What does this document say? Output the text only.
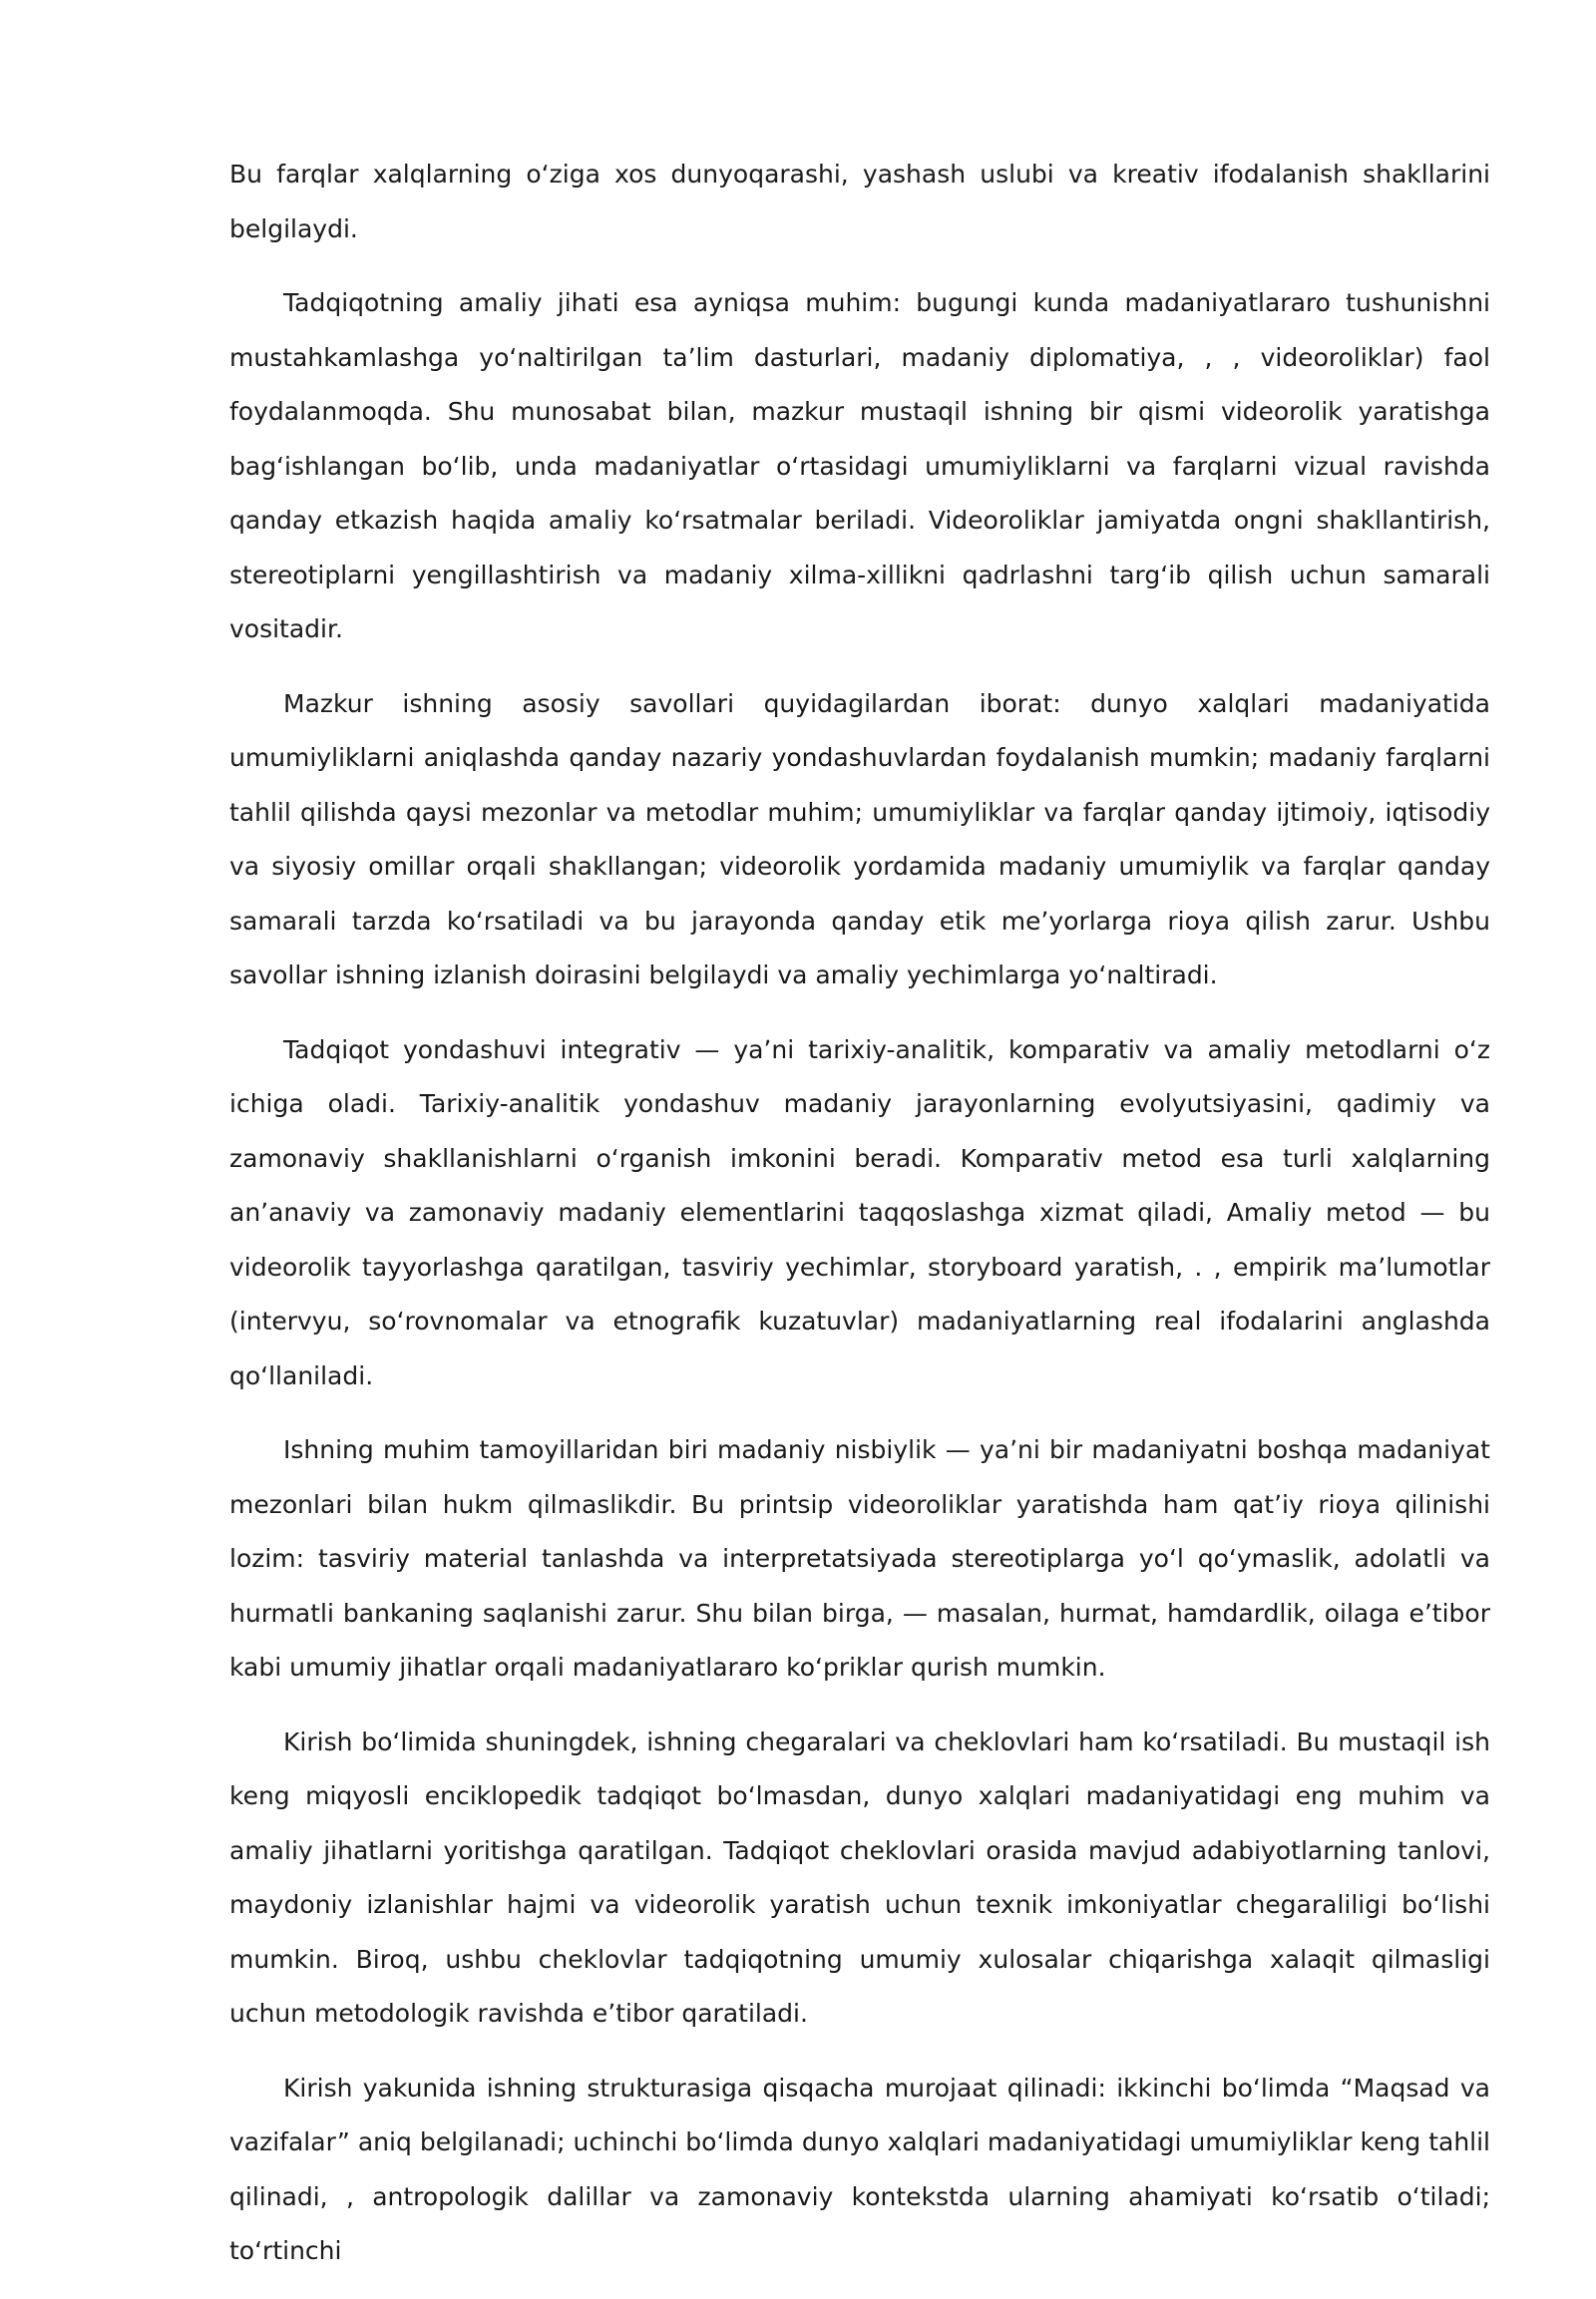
Bu farqlar xalqlarning oʻziga xos dunyoqarashi, yashash uslubi va kreativ ifodalanish shakllarini belgilaydi.

Tadqiqotning amaliy jihati esa ayniqsa muhim: bugungi kunda madaniyatlararo tushunishni mustahkamlashga yoʻnaltirilgan taʼlim dasturlari, madaniy diplomatiya, , , videoroliklar) faol foydalanmoqda. Shu munosabat bilan, mazkur mustaqil ishning bir qismi videorolik yaratishga bagʻishlangan boʻlib, unda madaniyatlar oʻrtasidagi umumiyliklarni va farqlarni vizual ravishda qanday etkazish haqida amaliy koʻrsatmalar beriladi. Videoroliklar jamiyatda ongni shakllantirish, stereotiplarni yengillashtirish va madaniy xilma-xillikni qadrlashni targʻib qilish uchun samarali vositadir.

Mazkur ishning asosiy savollari quyidagilardan iborat: dunyo xalqlari madaniyatida umumiyliklarni aniqlashda qanday nazariy yondashuvlardan foydalanish mumkin; madaniy farqlarni tahlil qilishda qaysi mezonlar va metodlar muhim; umumiyliklar va farqlar qanday ijtimoiy, iqtisodiy va siyosiy omillar orqali shakllangan; videorolik yordamida madaniy umumiylik va farqlar qanday samarali tarzda koʻrsatiladi va bu jarayonda qanday etik meʼyorlarga rioya qilish zarur. Ushbu savollar ishning izlanish doirasini belgilaydi va amaliy yechimlarga yoʻnaltiradi.

Tadqiqot yondashuvi integrativ — yaʼni tarixiy-analitik, komparativ va amaliy metodlarni oʻz ichiga oladi. Tarixiy-analitik yondashuv madaniy jarayonlarning evolyutsiyasini, qadimiy va zamonaviy shakllanishlarni oʻrganish imkonini beradi. Komparativ metod esa turli xalqlarning anʼanaviy va zamonaviy madaniy elementlarini taqqoslashga xizmat qiladi, Amaliy metod — bu videorolik tayyorlashga qaratilgan, tasviriy yechimlar, storyboard yaratish, . , empirik maʼlumotlar (intervyu, soʻrovnomalar va etnografik kuzatuvlar) madaniyatlarning real ifodalarini anglashda qoʻllaniladi.

Ishning muhim tamoyillaridan biri madaniy nisbiylik — yaʼni bir madaniyatni boshqa madaniyat mezonlari bilan hukm qilmaslikdir. Bu printsip videoroliklar yaratishda ham qatʼiy rioya qilinishi lozim: tasviriy material tanlashda va interpretatsiyada stereotiplarga yoʻl qoʻymaslik, adolatli va hurmatli bankaning saqlanishi zarur. Shu bilan birga, — masalan, hurmat, hamdardlik, oilaga eʼtibor kabi umumiy jihatlar orqali madaniyatlararo koʻpriklar qurish mumkin.

Kirish boʻlimida shuningdek, ishning chegaralari va cheklovlari ham koʻrsatiladi. Bu mustaqil ish keng miqyosli enciklopedik tadqiqot boʻlmasdan, dunyo xalqlari madaniyatidagi eng muhim va amaliy jihatlarni yoritishga qaratilgan. Tadqiqot cheklovlari orasida mavjud adabiyotlarning tanlovi, maydoniy izlanishlar hajmi va videorolik yaratish uchun texnik imkoniyatlar chegaraliligi boʻlishi mumkin. Biroq, ushbu cheklovlar tadqiqotning umumiy xulosalar chiqarishga xalaqit qilmasligi uchun metodologik ravishda eʼtibor qaratiladi.

Kirish yakunida ishning strukturasiga qisqacha murojaat qilinadi: ikkinchi boʻlimda “Maqsad va vazifalar” aniq belgilanadi; uchinchi boʻlimda dunyo xalqlari madaniyatidagi umumiyliklar keng tahlil qilinadi, , antropologik dalillar va zamonaviy kontekstda ularning ahamiyati koʻrsatib oʻtiladi; toʻrtinchi
